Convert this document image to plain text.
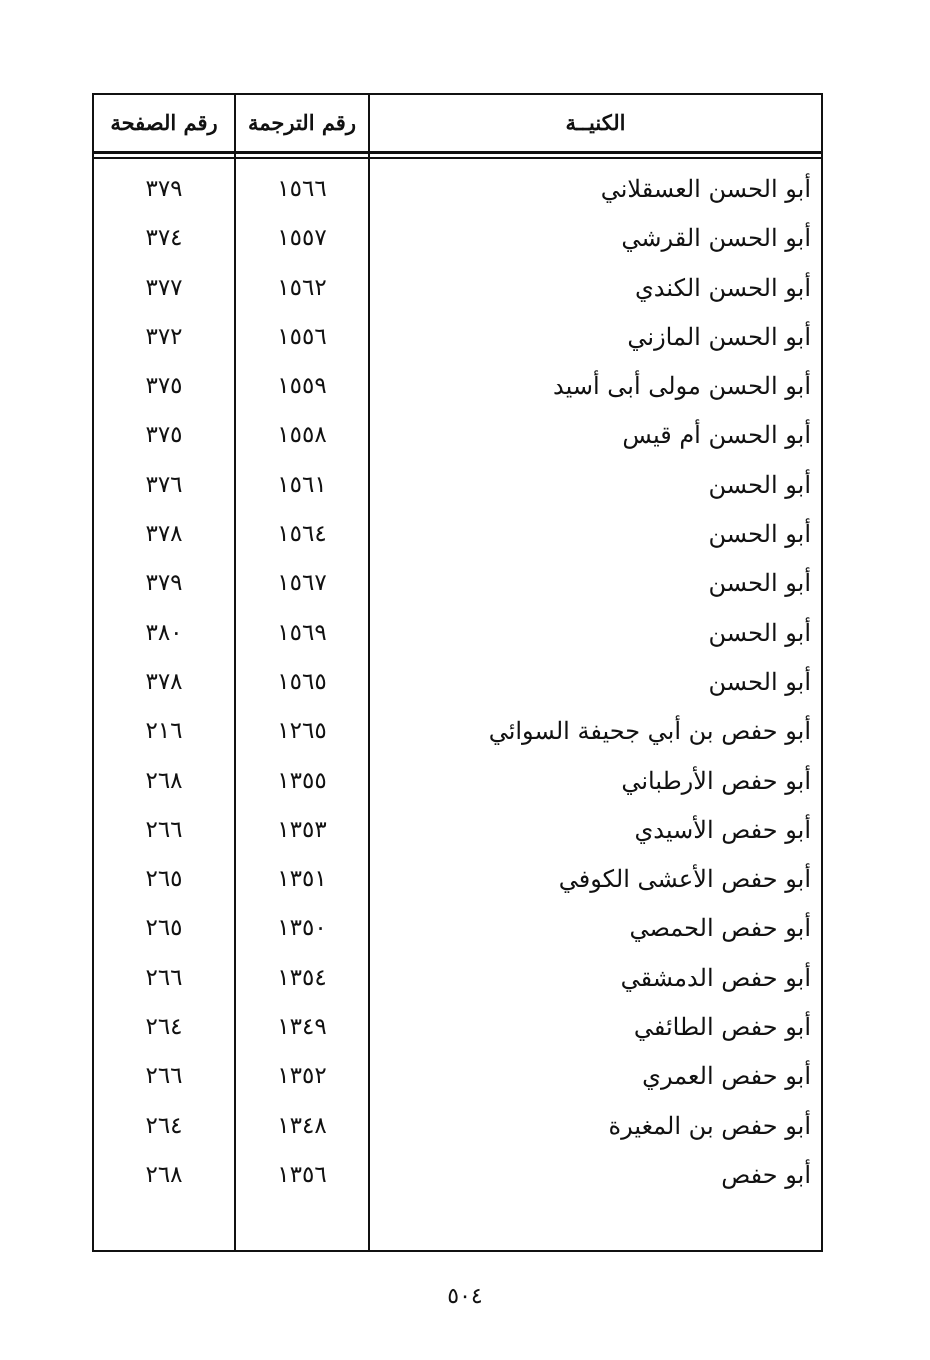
رقم الصفحة	رقم الترجمة	الكنيــة
٣٧٩	١٥٦٦	أبو الحسن العسقلاني
٣٧٤	١٥٥٧	أبو الحسن القرشي
٣٧٧	١٥٦٢	أبو الحسن الكندي
٣٧٢	١٥٥٦	أبو الحسن المازني
٣٧٥	١٥٥٩	أبو الحسن مولى أبى أسيد
٣٧٥	١٥٥٨	أبو الحسن أم قيس
٣٧٦	١٥٦١	أبو الحسن
٣٧٨	١٥٦٤	أبو الحسن
٣٧٩	١٥٦٧	أبو الحسن
٣٨٠	١٥٦٩	أبو الحسن
٣٧٨	١٥٦٥	أبو الحسن
٢١٦	١٢٦٥	أبو حفص بن أبي جحيفة السوائي
٢٦٨	١٣٥٥	أبو حفص الأرطباني
٢٦٦	١٣٥٣	أبو حفص الأسيدي
٢٦٥	١٣٥١	أبو حفص الأعشى الكوفي
٢٦٥	١٣٥٠	أبو حفص الحمصي
٢٦٦	١٣٥٤	أبو حفص الدمشقي
٢٦٤	١٣٤٩	أبو حفص الطائفي
٢٦٦	١٣٥٢	أبو حفص العمري
٢٦٤	١٣٤٨	أبو حفص بن المغيرة
٢٦٨	١٣٥٦	أبو حفص
٥٠٤
